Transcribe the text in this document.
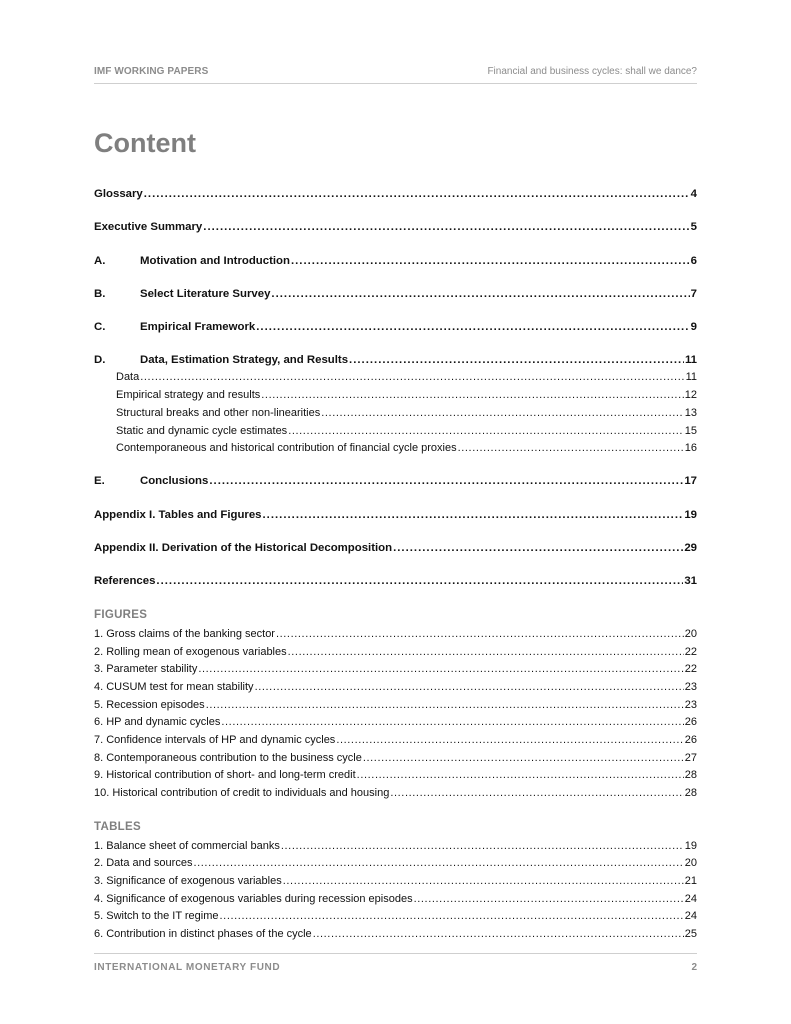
IMF WORKING PAPERS	Financial and business cycles: shall we dance?
Content
Glossary .....	4
Executive Summary .....	5
A.	Motivation and Introduction .....	6
B.	Select Literature Survey .....	7
C.	Empirical Framework .....	9
D.	Data, Estimation Strategy, and Results .....	11
Data .....	11
Empirical strategy and results .....	12
Structural breaks and other non-linearities .....	13
Static and dynamic cycle estimates .....	15
Contemporaneous and historical contribution of financial cycle proxies .....	16
E.	Conclusions .....	17
Appendix I. Tables and Figures .....	19
Appendix II. Derivation of the Historical Decomposition .....	29
References .....	31
FIGURES
1. Gross claims of the banking sector .....	20
2. Rolling mean of exogenous variables .....	22
3. Parameter stability .....	22
4. CUSUM test for mean stability .....	23
5. Recession episodes .....	23
6. HP and dynamic cycles .....	26
7. Confidence intervals of HP and dynamic cycles .....	26
8. Contemporaneous contribution to the business cycle .....	27
9. Historical contribution of short- and long-term credit .....	28
10. Historical contribution of credit to individuals and housing .....	28
TABLES
1. Balance sheet of commercial banks .....	19
2. Data and sources .....	20
3. Significance of exogenous variables .....	21
4. Significance of exogenous variables during recession episodes .....	24
5. Switch to the IT regime .....	24
6. Contribution in distinct phases of the cycle .....	25
INTERNATIONAL MONETARY FUND	2
